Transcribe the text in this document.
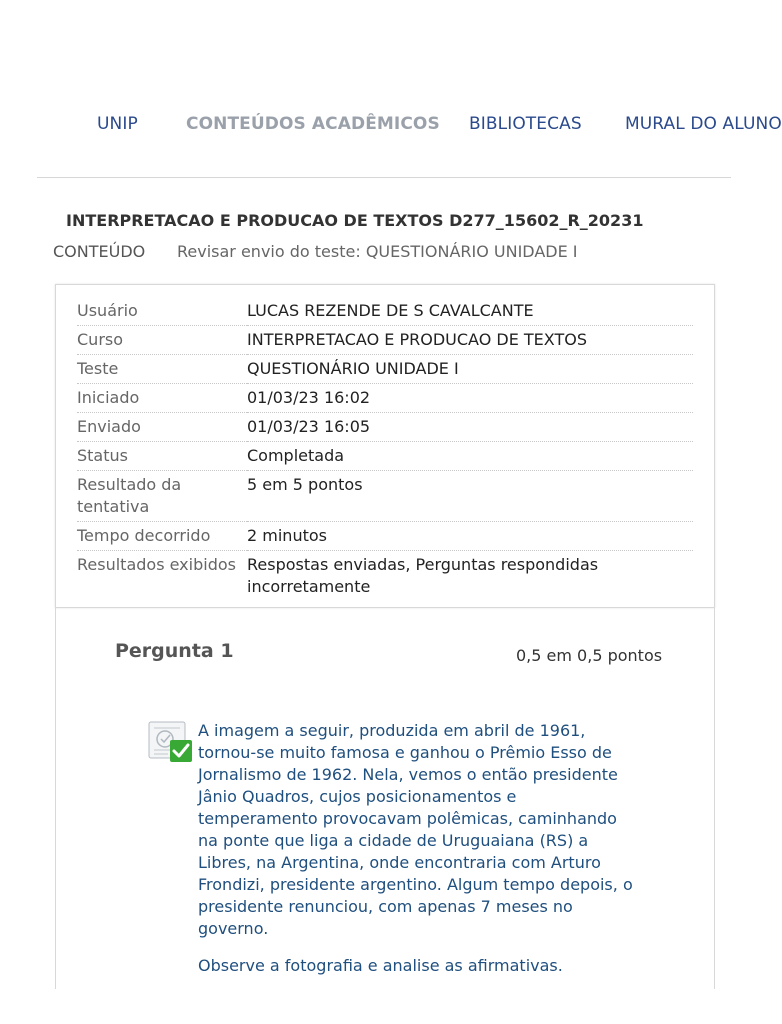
UNIP	CONTEÚDOS ACADÊMICOS BIBLIOTECAS	MURAL DO ALUNO
INTERPRETACAO E PRODUCAO DE TEXTOS D277_15602_R_20231
CONTEÚDO Revisar envio do teste: QUESTIONÁRIO UNIDADE I
Usuário	LUCAS REZENDE DE S CAVALCANTE
Curso	INTERPRETACAO E PRODUCAO DE TEXTOS
Teste	QUESTIONÁRIO UNIDADE I
Iniciado	01/03/23 16:02
Enviado	01/03/23 16:05
Status	Completada
Resultado da tentativa	5 em 5 pontos
Tempo decorrido	2 minutos
Resultados exibidos	Respostas enviadas, Perguntas respondidas incorretamente
Pergunta 1	0,5 em 0,5 pontos

A imagem a seguir, produzida em abril de 1961, tornou-se muito famosa e ganhou o Prêmio Esso de Jornalismo de 1962. Nela, vemos o então presidente Jânio Quadros, cujos posicionamentos e temperamento provocavam polêmicas, caminhando na ponte que liga a cidade de Uruguaiana (RS) a Libres, na Argentina, onde encontraria com Arturo Frondizi, presidente argentino. Algum tempo depois, o presidente renunciou, com apenas 7 meses no governo.

Observe a fotografia e analise as afirmativas.
